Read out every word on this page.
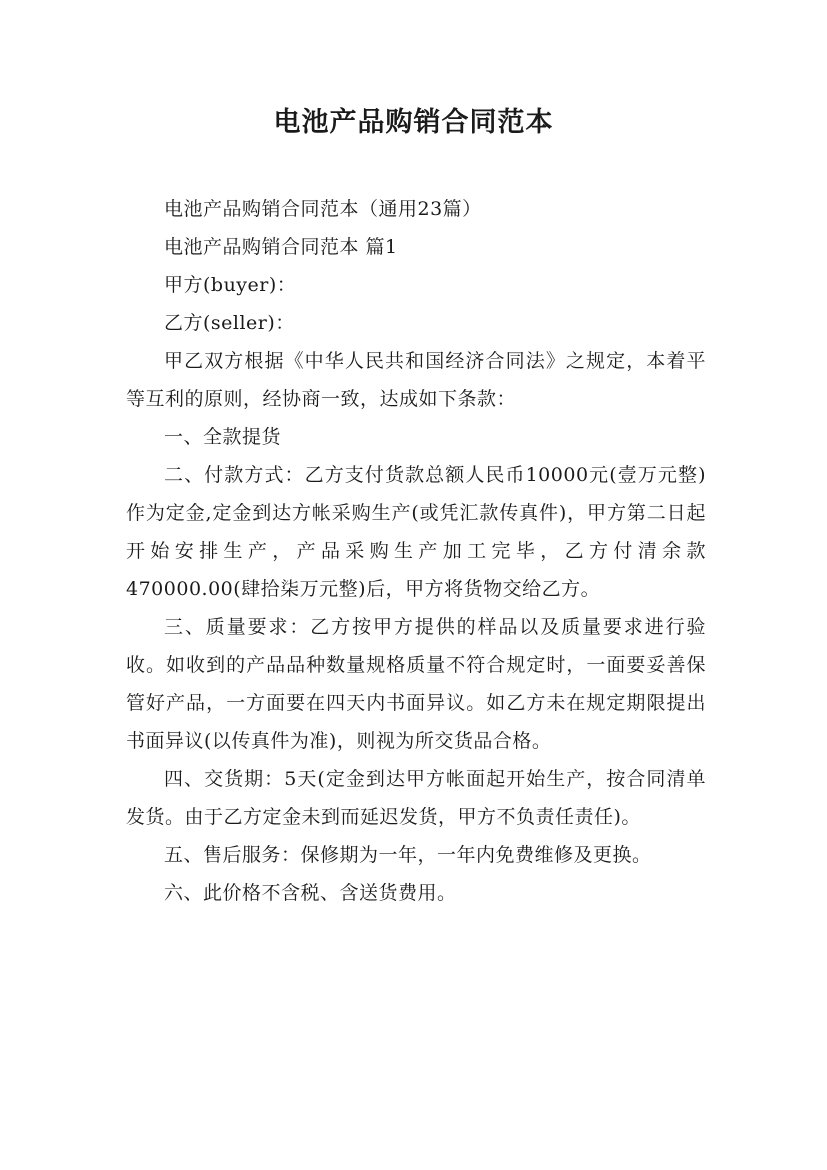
电池产品购销合同范本

电池产品购销合同范本（通用23篇）

电池产品购销合同范本 篇1

甲方(buyer)：

乙方(seller)：

甲乙双方根据《中华人民共和国经济合同法》之规定，本着平等互利的原则，经协商一致，达成如下条款：

一、全款提货

二、付款方式：乙方支付货款总额人民币10000元(壹万元整)作为定金,定金到达方帐采购生产(或凭汇款传真件)，甲方第二日起开始安排生产，产品采购生产加工完毕，乙方付清余款470000.00(肆拾柒万元整)后，甲方将货物交给乙方。

三、质量要求：乙方按甲方提供的样品以及质量要求进行验收。如收到的产品品种数量规格质量不符合规定时，一面要妥善保管好产品，一方面要在四天内书面异议。如乙方未在规定期限提出书面异议(以传真件为准)，则视为所交货品合格。

四、交货期：5天(定金到达甲方帐面起开始生产，按合同清单发货。由于乙方定金未到而延迟发货，甲方不负责任责任)。

五、售后服务：保修期为一年，一年内免费维修及更换。

六、此价格不含税、含送货费用。
